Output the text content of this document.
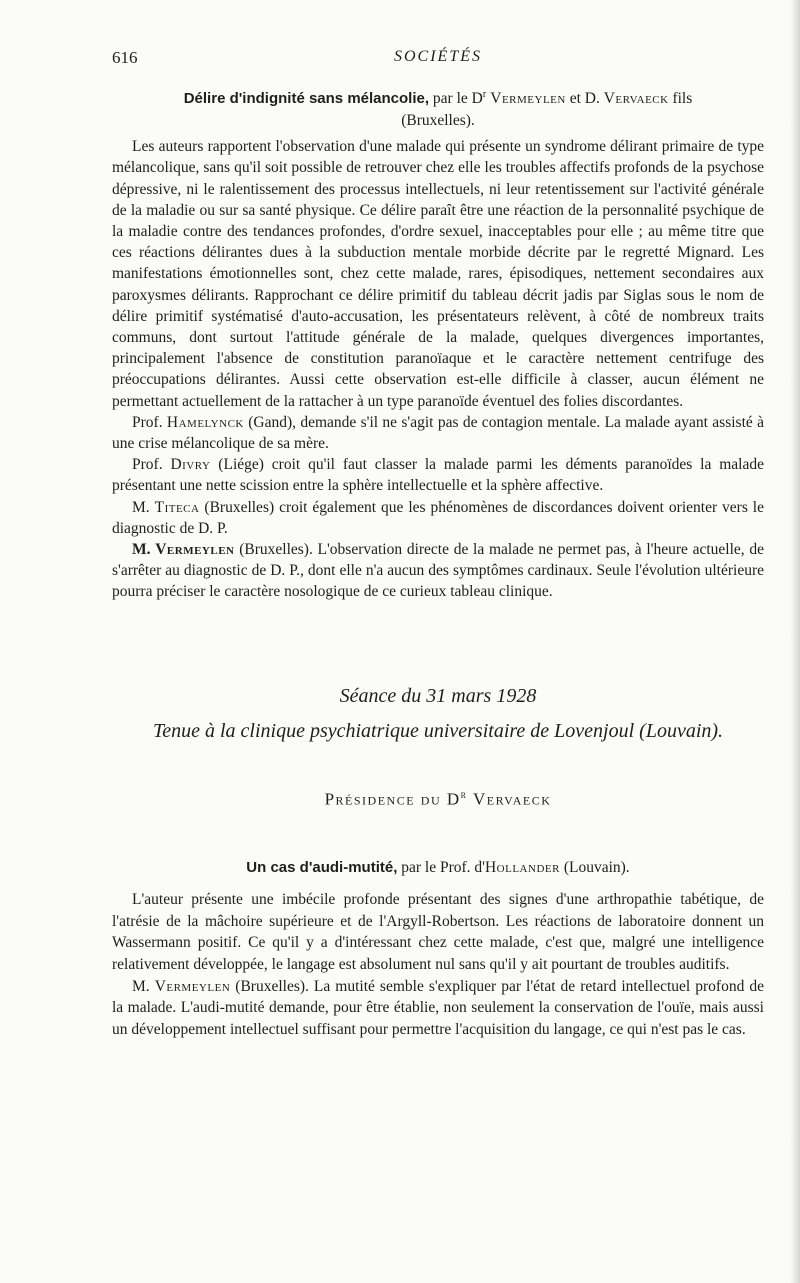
616	SOCIÉTÉS
Délire d'indignité sans mélancolie, par le $D^r$ Vermeylen et D. Vervaeck fils
(Bruxelles).

Les auteurs rapportent l'observation d'une malade qui présente un syndrome délirant primaire de type mélancolique, sans qu'il soit possible de retrouver chez elle les troubles affectifs profonds de la psychose dépressive, ni le ralentissement des processus intellectuels, ni leur retentissement sur l'activité générale de la maladie ou sur sa santé physique. Ce délire paraît être une réaction de la personnalité psychique de la maladie contre des tendances profondes, d'ordre sexuel, inacceptables pour elle ; au même titre que ces réactions délirantes dues à la subduction mentale morbide décrite par le regretté Mignard. Les manifestations émotionnelles sont, chez cette malade, rares, épisodiques, nettement secondaires aux paroxysmes délirants. Rapprochant ce délire primitif du tableau décrit jadis par Siglas sous le nom de délire primitif systématisé d'auto-accusation, les présentateurs relèvent, à côté de nombreux traits communs, dont surtout l'attitude générale de la malade, quelques divergences importantes, principalement l'absence de constitution paranoïaque et le caractère nettement centrifuge des préoccupations délirantes. Aussi cette observation est-elle difficile à classer, aucun élément ne permettant actuellement de la rattacher à un type paranoïde éventuel des folies discordantes.

Prof. Hamelynck (Gand), demande s'il ne s'agit pas de contagion mentale. La malade ayant assisté à une crise mélancolique de sa mère.

Prof. Divry (Liége) croit qu'il faut classer la malade parmi les déments paranoïdes la malade présentant une nette scission entre la sphère intellectuelle et la sphère affective.

M. Titeca (Bruxelles) croit également que les phénomènes de discordances doivent orienter vers le diagnostic de D. P.

M. Vermeylen (Bruxelles). L'observation directe de la malade ne permet pas, à l'heure actuelle, de s'arrêter au diagnostic de D. P., dont elle n'a aucun des symptômes cardinaux. Seule l'évolution ultérieure pourra préciser le caractère nosologique de ce curieux tableau clinique.

Séance du 31 mars 1928
Tenue à la clinique psychiatrique universitaire de Lovenjoul (Louvain).
Présidence du $D^r$ Vervaeck
Un cas d'audi-mutité, par le Prof. d'Hollander (Louvain).

L'auteur présente une imbécile profonde présentant des signes d'une arthropathie tabétique, de l'atrésie de la mâchoire supérieure et de l'Argyll-Robertson. Les réactions de laboratoire donnent un Wassermann positif. Ce qu'il y a d'intéressant chez cette malade, c'est que, malgré une intelligence relativement développée, le langage est absolument nul sans qu'il y ait pourtant de troubles auditifs.

M. Vermeylen (Bruxelles). La mutité semble s'expliquer par l'état de retard intellectuel profond de la malade. L'audi-mutité demande, pour être établie, non seulement la conservation de l'ouïe, mais aussi un développement intellectuel suffisant pour permettre l'acquisition du langage, ce qui n'est pas le cas.
